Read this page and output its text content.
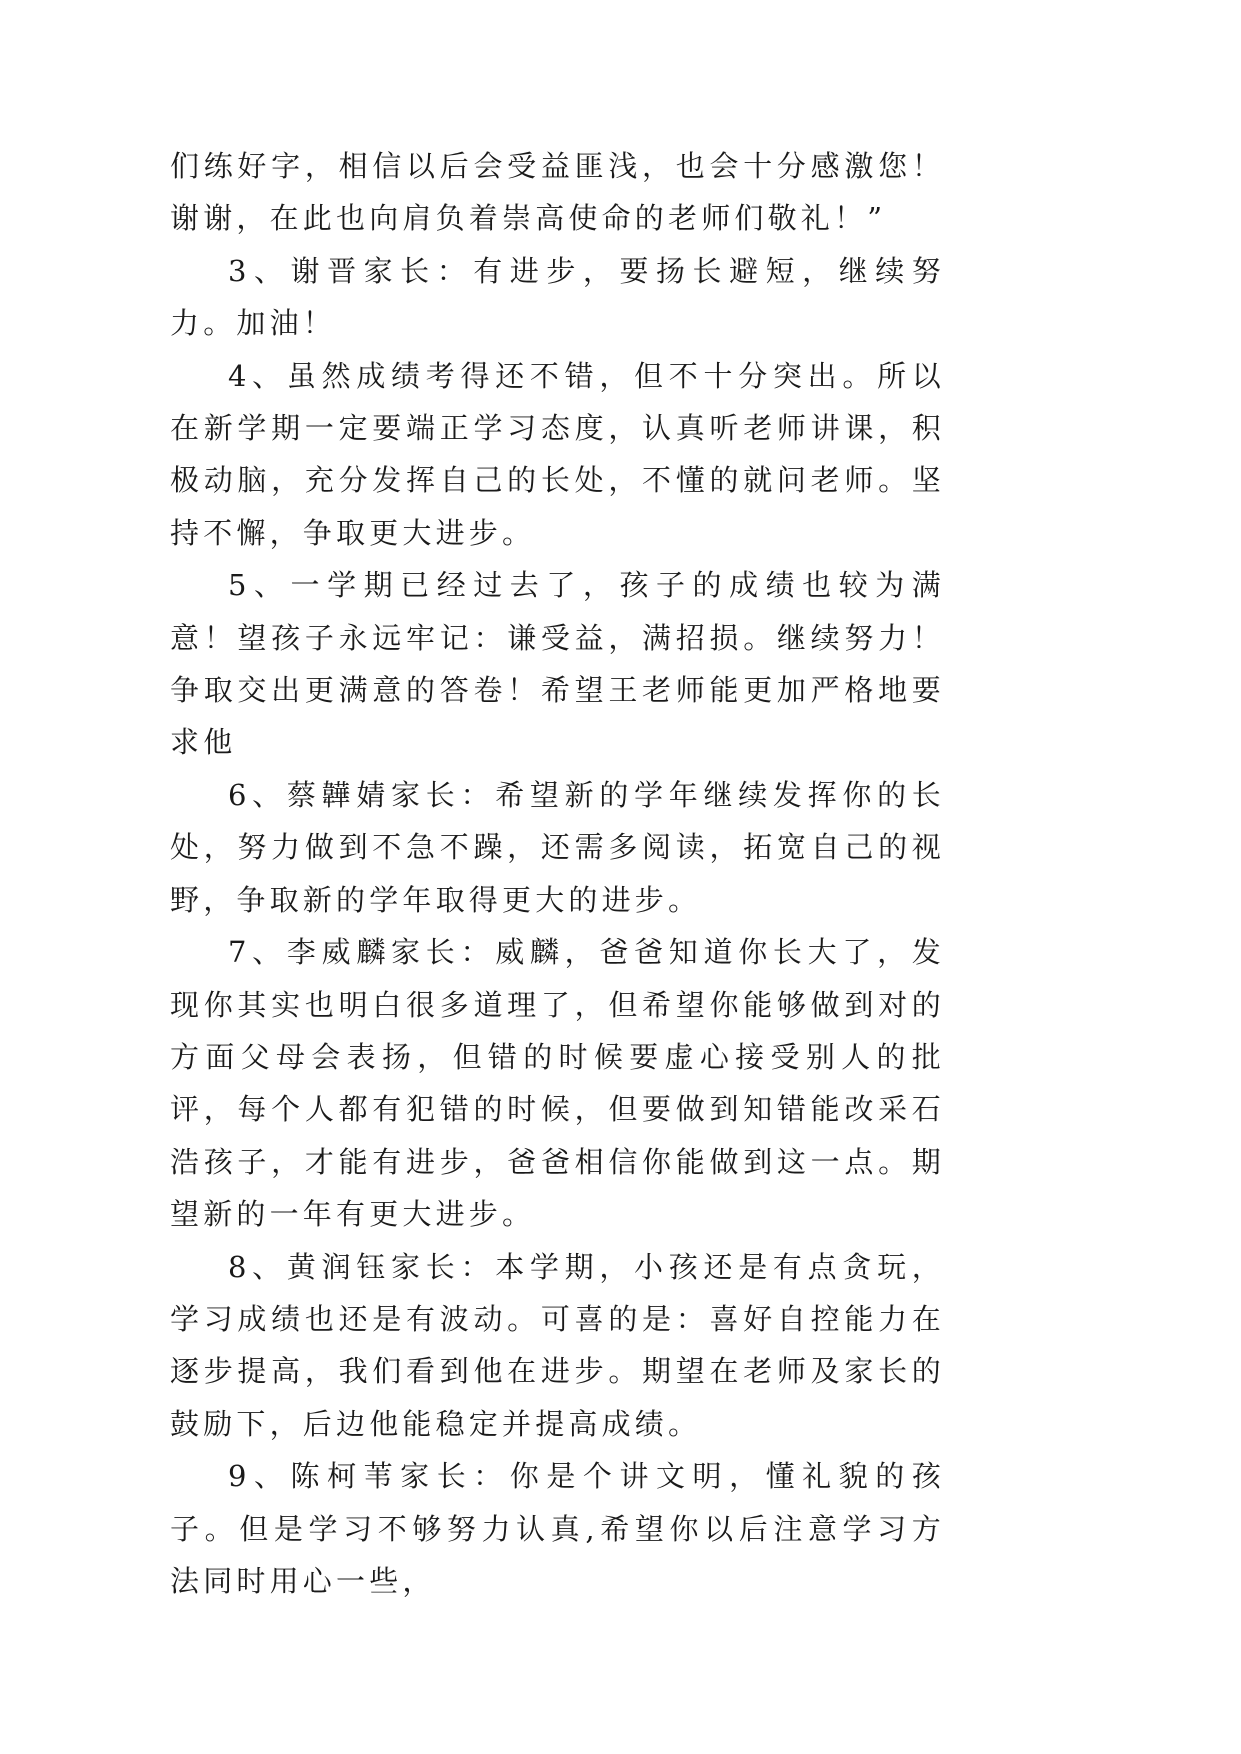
们练好字，相信以后会受益匪浅，也会十分感激您！谢谢，在此也向肩负着崇高使命的老师们敬礼！”

3、谢晋家长：有进步，要扬长避短，继续努力。加油！

4、虽然成绩考得还不错，但不十分突出。所以在新学期一定要端正学习态度，认真听老师讲课，积极动脑，充分发挥自己的长处，不懂的就问老师。坚持不懈，争取更大进步。

5、一学期已经过去了，孩子的成绩也较为满意！望孩子永远牢记：谦受益，满招损。继续努力！争取交出更满意的答卷！希望王老师能更加严格地要求他

6、蔡韡婧家长：希望新的学年继续发挥你的长处，努力做到不急不躁，还需多阅读，拓宽自己的视野，争取新的学年取得更大的进步。

7、李威麟家长：威麟，爸爸知道你长大了，发现你其实也明白很多道理了，但希望你能够做到对的方面父母会表扬，但错的时候要虚心接受别人的批评，每个人都有犯错的时候，但要做到知错能改采石浩孩子，才能有进步，爸爸相信你能做到这一点。期望新的一年有更大进步。

8、黄润钰家长：本学期，小孩还是有点贪玩，学习成绩也还是有波动。可喜的是：喜好自控能力在逐步提高，我们看到他在进步。期望在老师及家长的鼓励下，后边他能稳定并提高成绩。

9、陈柯苇家长：你是个讲文明，懂礼貌的孩子。但是学习不够努力认真,希望你以后注意学习方法同时用心一些，
